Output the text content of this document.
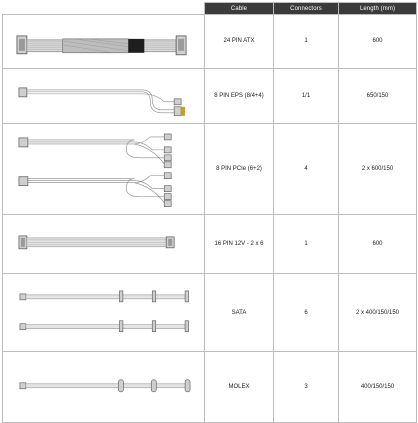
	Cable	Connectors	Length (mm)

	24 PIN ATX	1	600

	8 PIN EPS (8/4+4)	1/1	650/150

	8 PIN PCIe (6+2)	4	2 x 600/150

	16 PIN 12V - 2 x 6	1	600

	SATA	6	2 x 400/150/150

	MOLEX	3	400/150/150
